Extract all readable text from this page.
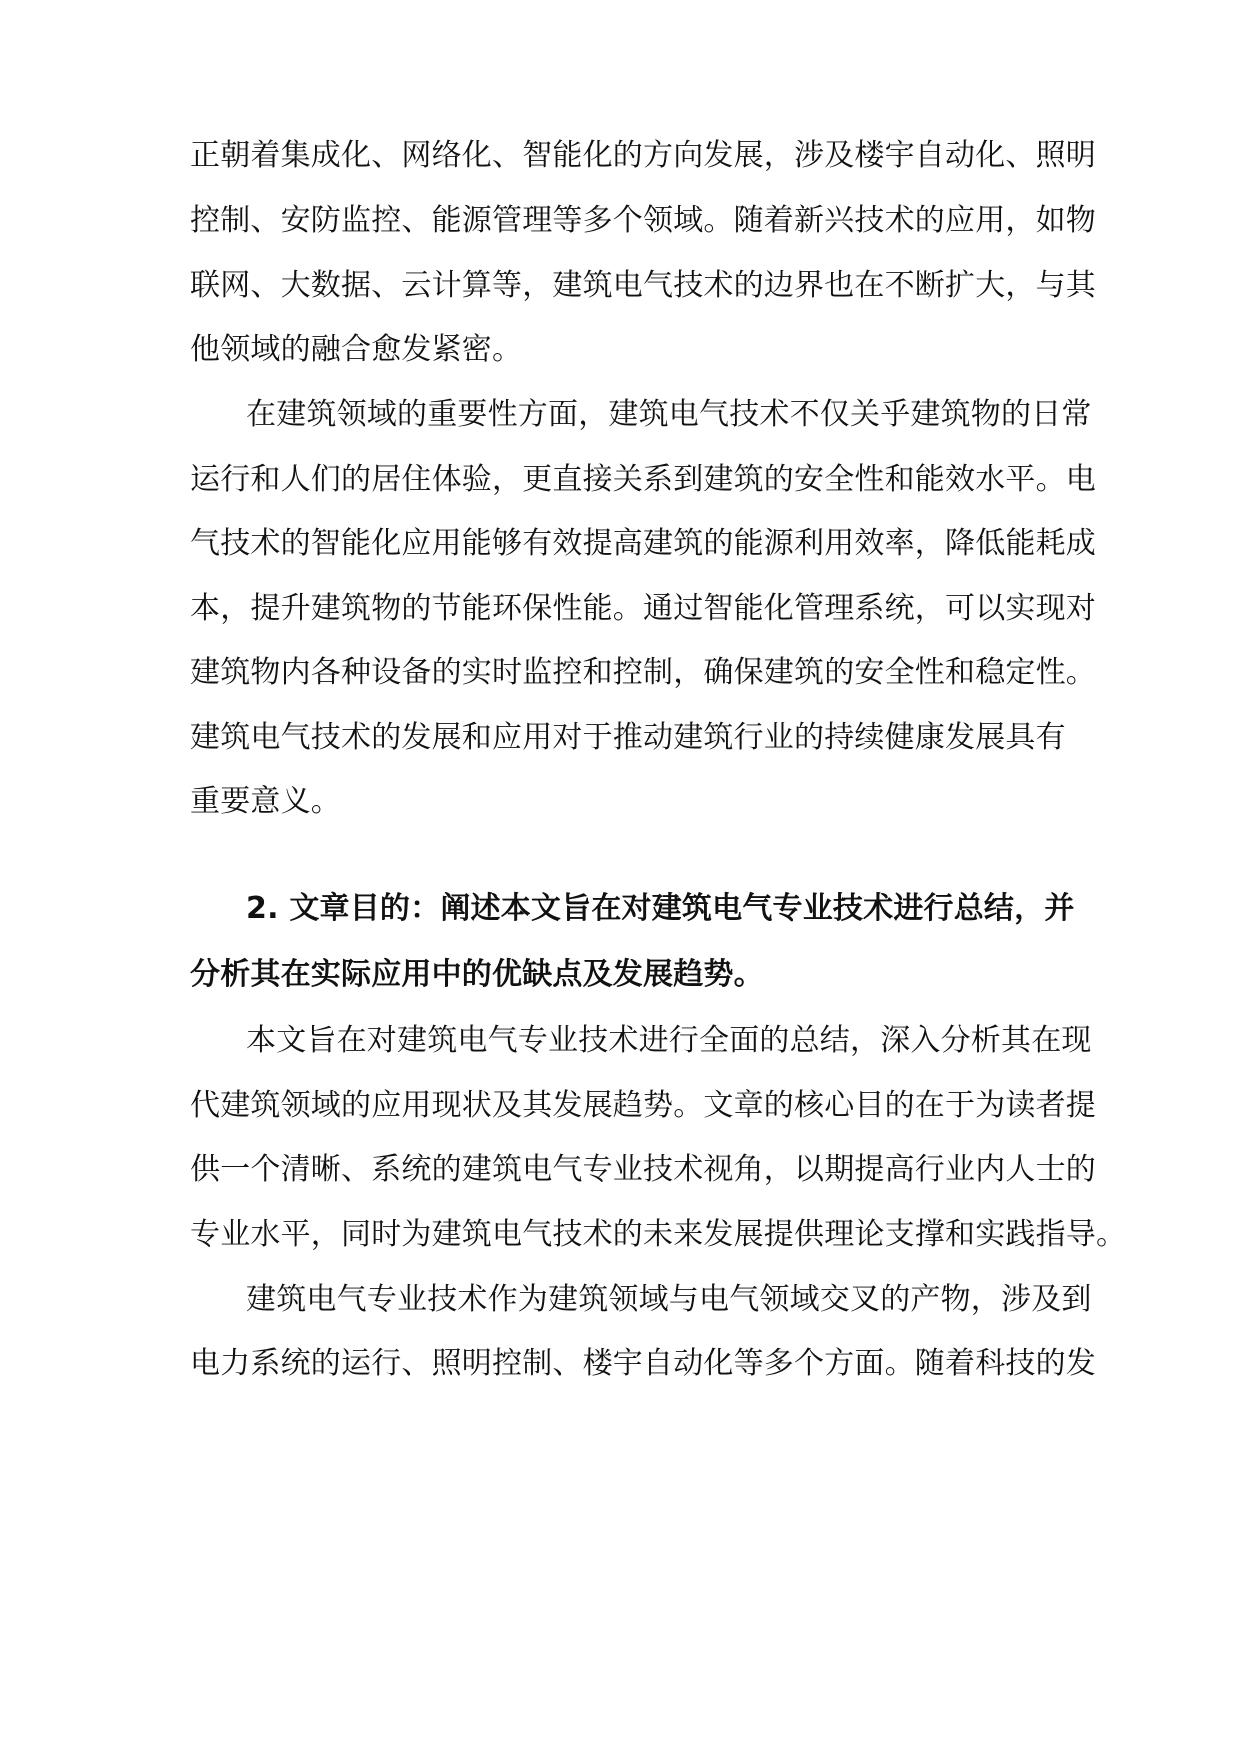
正朝着集成化、网络化、智能化的方向发展，涉及楼宇自动化、照明
控制、安防监控、能源管理等多个领域。随着新兴技术的应用，如物
联网、大数据、云计算等，建筑电气技术的边界也在不断扩大，与其
他领域的融合愈发紧密。
在建筑领域的重要性方面，建筑电气技术不仅关乎建筑物的日常
运行和人们的居住体验，更直接关系到建筑的安全性和能效水平。电
气技术的智能化应用能够有效提高建筑的能源利用效率，降低能耗成
本，提升建筑物的节能环保性能。通过智能化管理系统，可以实现对
建筑物内各种设备的实时监控和控制，确保建筑的安全性和稳定性。
建筑电气技术的发展和应用对于推动建筑行业的持续健康发展具有
重要意义。
2. 文章目的：阐述本文旨在对建筑电气专业技术进行总结，并
分析其在实际应用中的优缺点及发展趋势。
本文旨在对建筑电气专业技术进行全面的总结，深入分析其在现
代建筑领域的应用现状及其发展趋势。文章的核心目的在于为读者提
供一个清晰、系统的建筑电气专业技术视角，以期提高行业内人士的
专业水平，同时为建筑电气技术的未来发展提供理论支撑和实践指导。
建筑电气专业技术作为建筑领域与电气领域交叉的产物，涉及到
电力系统的运行、照明控制、楼宇自动化等多个方面。随着科技的发
